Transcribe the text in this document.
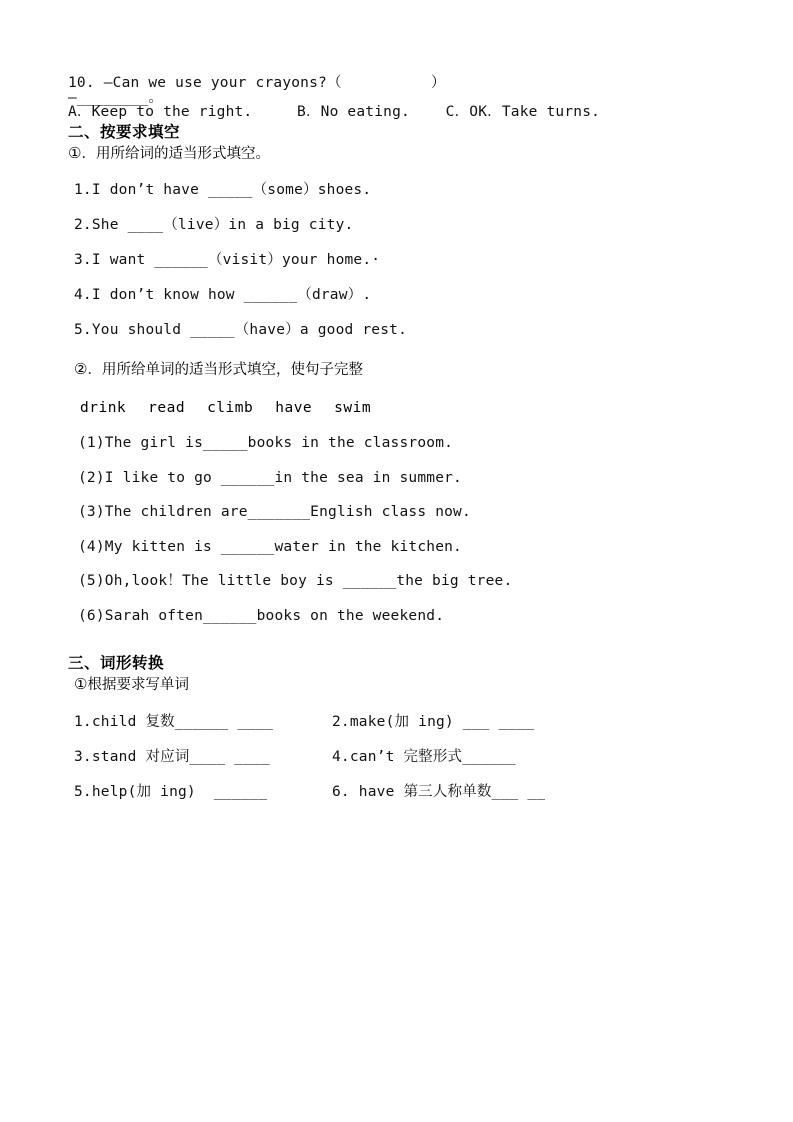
10. —Can we use your crayons?（          ）
—________。
A．Keep to the right.     B．No eating.    C．OK．Take turns.
二、按要求填空
①．用所给词的适当形式填空。
1.I don’t have _____（some）shoes.
2.She ____（live）in a big city.
3.I want ______（visit）your home.·
4.I don’t know how ______（draw）.
5.You should _____（have）a good rest.
②．用所给单词的适当形式填空，使句子完整
drink read climb have swim
(1)The girl is_____books in the classroom.
(2)I like to go ______in the sea in summer.
(3)The children are_______English class now.
(4)My kitten is ______water in the kitchen.
(5)Oh,look！The little boy is ______the big tree.
(6)Sarah often______books on the weekend.
三、词形转换
①根据要求写单词
1.child 复数______ ____	2.make(加 ing) ___ ____
3.stand 对应词____ ____	4.can’t 完整形式______
5.help(加 ing)  ______	6. have 第三人称单数___ __
